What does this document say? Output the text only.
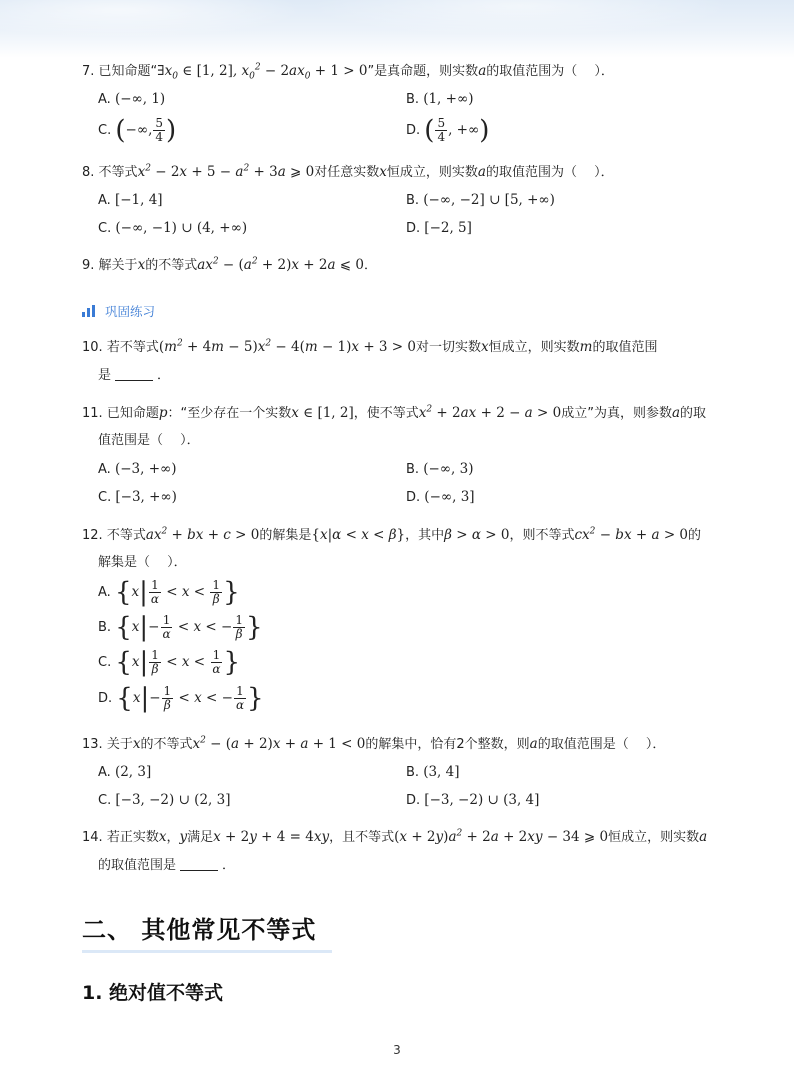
7. 已知命题“$\exists x_0$ ∈ [1, 2], $x_0^2 - 2ax_0 + 1 > 0$”是真命题，则实数a的取值范围为（　 ）．
A. (−∞, 1)	B. (1, +∞)
C. (−∞, $\frac{5}{4}$ )	D. ( $\frac{5}{4}$ , +∞)
8. 不等式$x^2 - 2x + 5 - a^2 + 3a$ ⩾ 0对任意实数x恒成立，则实数a的取值范围为（　 ）．
A. [−1, 4]	B. (−∞, −2] ∪ [5, +∞)
C. (−∞, −1) ∪ (4, +∞)	D. [−2, 5]
9. 解关于x的不等式$ax^2 - (a^2 + 2)x + 2a$ ⩽ 0．
巩固练习
10. 若不等式$(m^2 + 4m - 5)x^2 - 4(m - 1)x + 3 > 0$对一切实数x恒成立，则实数m的取值范围
是	．
11. 已知命题p：“至少存在一个实数x ∈ [1, 2]，使不等式$x^2 + 2ax + 2 - a > 0$成立”为真，则参数a的取
值范围是（　 ）．
A. (−3, +∞)	B. (−∞, 3)
C. [−3, +∞)	D. (−∞, 3]
12. 不等式$ax^2$ + bx + c > 0的解集是{x|α < x < β}，其中β > α > 0，则不等式$cx^2$ − bx + a > 0的
解集是（　 ）．
A. {$x| \frac{1}{\alpha} < x < \frac{1}{\beta}$ }
B. {$x|- \frac{1}{\alpha} < x$ < − $\frac{1}{\beta}$ }
C. {$x| \frac{1}{\beta} < x < \frac{1}{\alpha}$ }
D. {$x|- \frac{1}{\beta} < x$ < − $\frac{1}{\alpha}$ }
13. 关于x的不等式$x^2 - (a + 2)x + a + 1 < 0$的解集中，恰有2个整数，则a的取值范围是（　 ）．
A. (2, 3]	B. (3, 4]
C. [−3, −2) ∪ (2, 3]	D. [−3, −2) ∪ (3, 4]
14. 若正实数x，y满足x + 2y + 4 = 4xy，且不等式$(x + 2y)a^2 + 2a + 2xy - 34$ ⩾ 0恒成立，则实数a
的取值范围是	．
二、 其他常见不等式
1. 绝对值不等式
3
